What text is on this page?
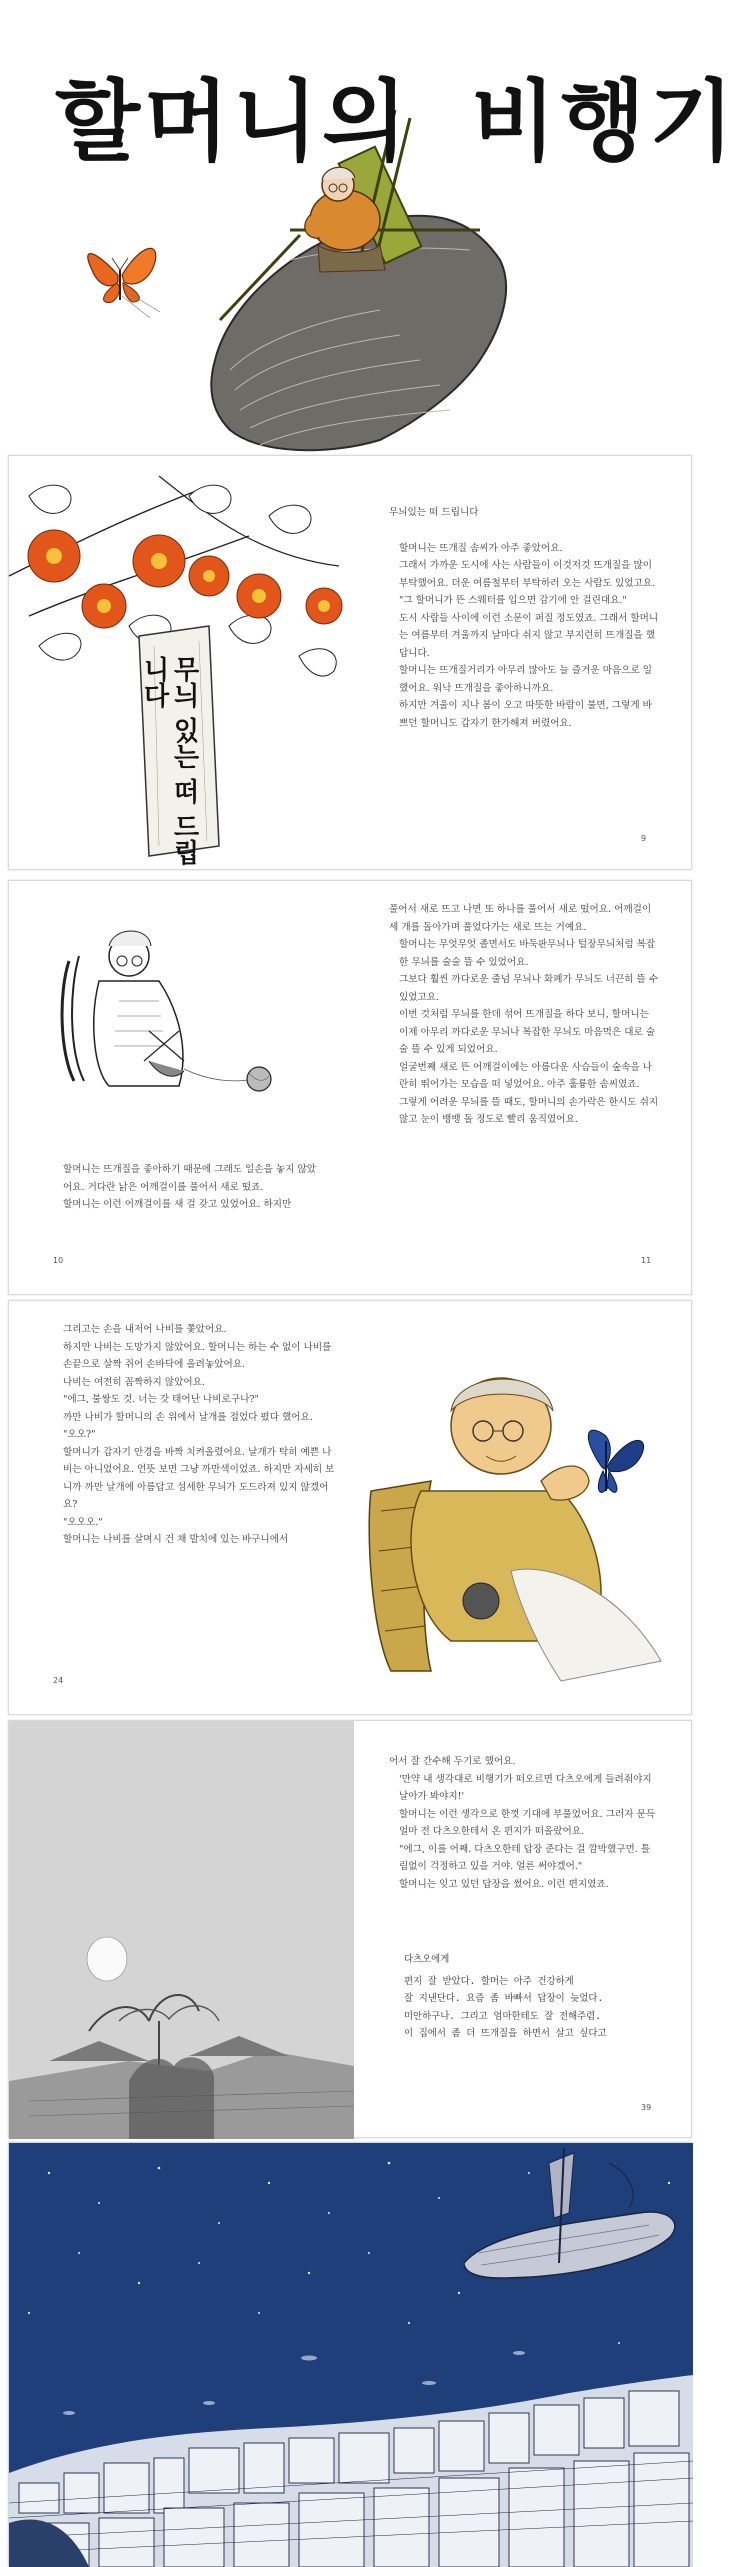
할머니의 비행기
무늬 있는 떠 드립니다

무늬있는 떠 드립니다

할머니는 뜨개질 솜씨가 아주 좋았어요.

그래서 가까운 도시에 사는 사람들이 이것저것 뜨개질을 많이 부탁했어요. 더운 여름철부터 부탁하러 오는 사람도 있었고요.

"그 할머니가 뜬 스웨터를 입으면 감기에 안 걸린대요."

도시 사람들 사이에 이런 소문이 퍼질 정도였죠. 그래서 할머니는 여름부터 겨울까지 날마다 쉬지 않고 부지런히 뜨개질을 했답니다.

할머니는 뜨개질거리가 아무리 많아도 늘 즐거운 마음으로 일했어요. 워낙 뜨개질을 좋아하니까요.

하지만 겨울이 지나 봄이 오고 따뜻한 바람이 불면, 그렇게 바쁘던 할머니도 갑자기 한가해져 버렸어요.

9

할머니는 뜨개질을 좋아하기 때문에 그래도 일손을 놓지 않았어요. 거다란 낡은 어깨걸이를 풀어서 새로 떴죠.

할머니는 이런 어깨걸이를 새 걸 갖고 있었어요. 하지만

10

풀어서 새로 뜨고 나면 또 하나를 풀어서 새로 떴어요. 어깨걸이 세 개를 돌아가며 풀었다가는 새로 뜨는 거예요.

할머니는 무엇무엇 졸면서도 바둑판무늬나 털장무늬처럼 복잡한 무늬를 술술 뜰 수 있었어요.

그보다 훨씬 까다로운 줄넘 무늬나 화폐가 무늬도 너끈히 뜰 수 있었고요.

이번 것처럼 무늬를 한데 섞어 뜨개질을 하다 보니, 할머니는 이제 아무리 까다로운 무늬나 복잡한 무늬도 마음먹은 대로 술술 뜰 수 있게 되었어요.

얼굴번째 새로 뜬 어깨걸이에는 아름다운 사슴들이 숲속을 나란히 뛰어가는 모습을 떠 넣었어요. 아주 훌륭한 솜씨였죠.

그렇게 어려운 무늬를 뜰 때도, 할머니의 손가락은 한시도 쉬지 않고 눈이 뱅뱅 돌 정도로 빨리 움직였어요.

11

그리고는 손을 내저어 나비를 쫓았어요.

하지만 나비는 도망가지 않았어요. 할머니는 하는 수 없이 나비를 손끝으로 살짝 쥐어 손바닥에 올려놓았어요.

나비는 여전히 꼼짝하지 않았어요.

"에그, 불쌍도 것. 너는 갓 태어난 나비로구나?"

까만 나비가 할머니의 손 위에서 날개를 접었다 폈다 했어요.

"오오?"

할머니가 갑자기 안경을 바짝 치켜올렸어요. 날개가 탁히 예쁜 나비는 아니었어요. 언뜻 보면 그냥 까만색이었죠. 하지만 자세히 보니까 까만 날개에 아름답고 섬세한 무늬가 도드라져 있지 않겠어요?

"오오오."

할머니는 나비를 살며시 건 채 발치에 있는 바구니에서

24

어서 잘 간수해 두기로 했어요.

'만약 내 생각대로 비행기가 떠오르면 다츠오에게 들려줘야지 날아가 봐야지!'

할머니는 이런 생각으로 한껏 기대에 부풀었어요. 그러자 문득 얼마 전 다츠오한테서 온 편지가 떠올랐어요.

"에그, 이를 어째. 다츠오한테 답장 준다는 걸 깜박했구먼. 틀림없이 걱정하고 있을 거야. 얼른 써야겠어."

할머니는 잊고 있던 답장을 썼어요. 이런 편지였죠.

다츠오에게

편지 잘 받았다. 할머는 아주 건강하게

잘 지낸단다. 요즘 좀 바빠서 답장이 늦었다.

미안하구나. 그리고 엄마한테도 잘 전해주렴.

이 집에서 좀 더 뜨개질을 하면서 살고 싶다고

39
